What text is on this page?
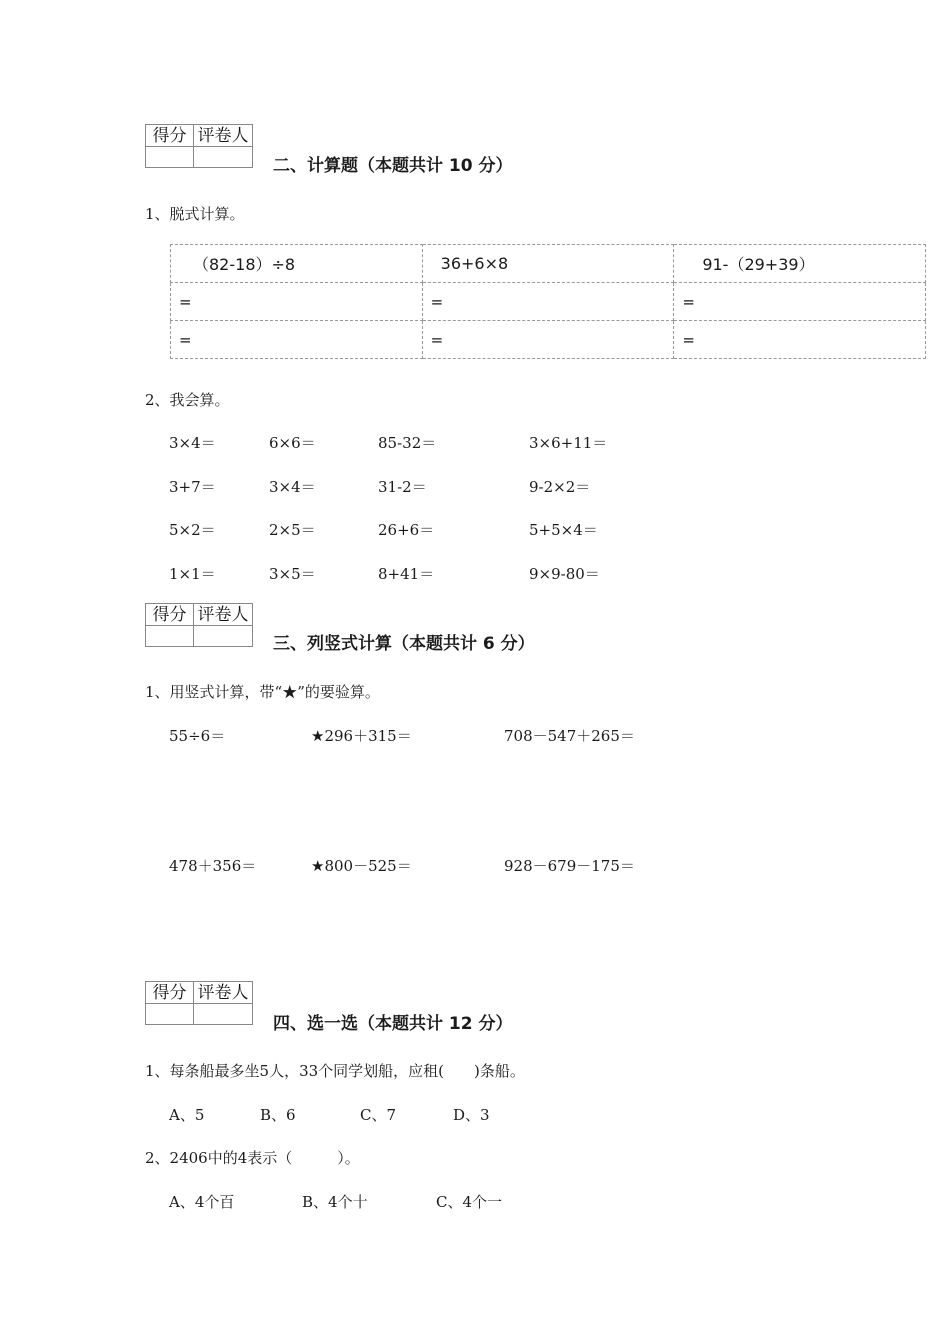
得分 评卷人
二、计算题（本题共计 10 分）
1、脱式计算。
（82-18）÷8	36+6×8	91-（29+39）
=	=	=
=	=	=
2、我会算。
3×4＝	6×6＝	85-32＝	3×6+11＝
3+7＝	3×4＝	31-2＝	9-2×2＝
5×2＝	2×5＝	26+6＝	5+5×4＝
1×1＝	3×5＝	8+41＝	9×9-80＝
得分 评卷人
三、列竖式计算（本题共计 6 分）
1、用竖式计算，带“★”的要验算。
55÷6＝	★296＋315＝	708－547＋265＝
478＋356＝	★800－525＝	928－679－175＝
得分 评卷人
四、选一选（本题共计 12 分）
1、每条船最多坐5人，33个同学划船，应租(　　)条船。
A、5	B、6	C、7	D、3
2、2406中的4表示（　　　）。
A、4个百	B、4个十	C、4个一
